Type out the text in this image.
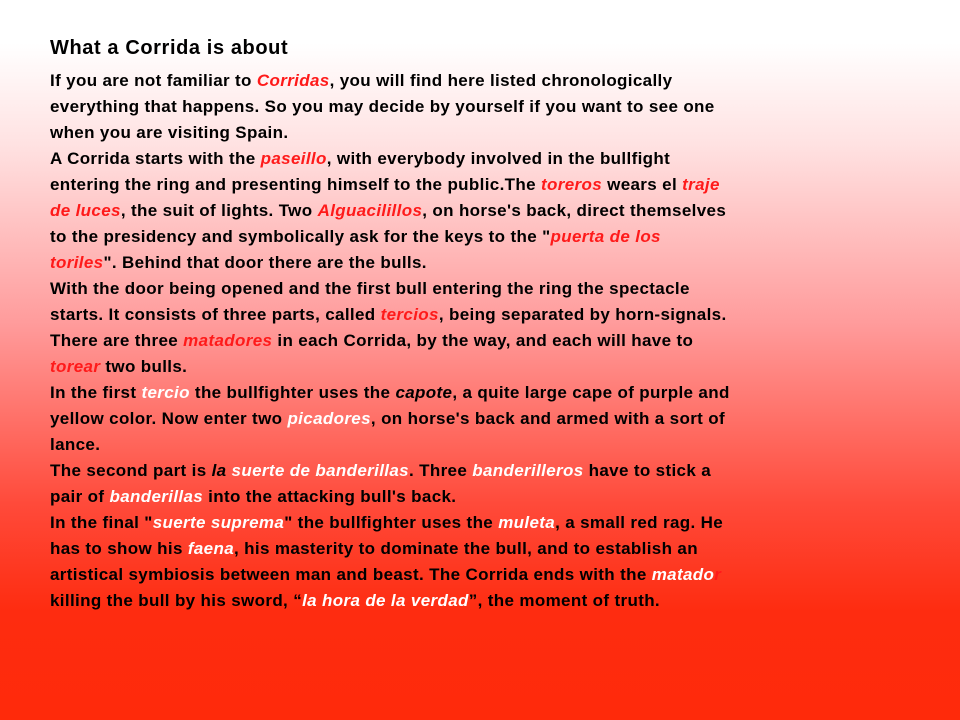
What a Corrida is about
If you are not familiar to Corridas, you will find here listed chronologically
everything that happens. So you may decide by yourself if you want to see one
when you are visiting Spain.
A Corrida starts with the paseillo, with everybody involved in the bullfight
entering the ring and presenting himself to the public.The toreros wears el traje
de luces, the suit of lights. Two Alguacilillos, on horse's back, direct themselves
to the presidency and symbolically ask for the keys to the "puerta de los
toriles". Behind that door there are the bulls.
With the door being opened and the first bull entering the ring the spectacle
starts. It consists of three parts, called tercios, being separated by horn-signals.
There are three matadores in each Corrida, by the way, and each will have to
torear two bulls.
In the first tercio the bullfighter uses the capote, a quite large cape of purple and
yellow color. Now enter two picadores, on horse's back and armed with a sort of
lance.
The second part is la suerte de banderillas. Three banderilleros have to stick a
pair of banderillas into the attacking bull's back.
In the final "suerte suprema" the bullfighter uses the muleta, a small red rag. He
has to show his faena, his masterity to dominate the bull, and to establish an
artistical symbiosis between man and beast. The Corrida ends with the matador
killing the bull by his sword, “la hora de la verdad”, the moment of truth.
